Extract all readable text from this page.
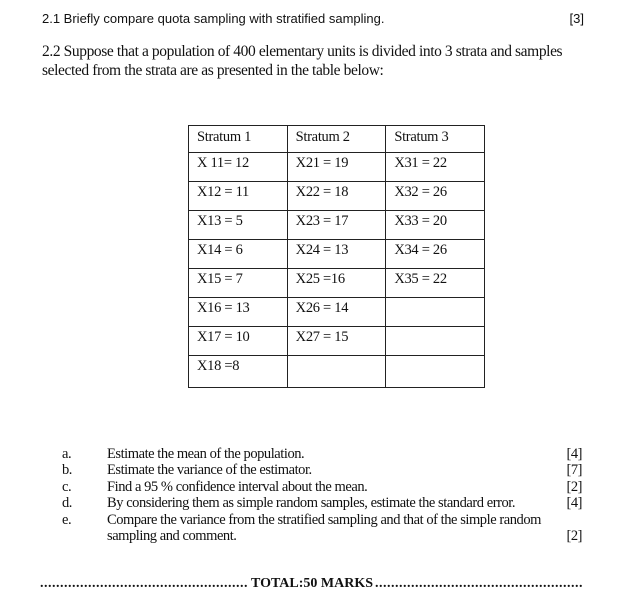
2.1 Briefly compare quota sampling with stratified sampling.	[3]
2.2 Suppose that a population of 400 elementary units is divided into 3 strata and samples selected from the strata are as presented in the table below:
Stratum 1	Stratum 2	Stratum 3
X 11= 12	X21 = 19	X31 = 22
X12 = 11	X22 = 18	X32 = 26
X13 = 5	X23 = 17	X33 = 20
X14 = 6	X24 = 13	X34 = 26
X15 = 7	X25 =16	X35 = 22
X16 = 13	X26 = 14	
X17 = 10	X27 = 15	
X18 =8		
a. Estimate the mean of the population.	[4]
b. Estimate the variance of the estimator.	[7]
c. Find a 95 % confidence interval about the mean.	[2]
d. By considering them as simple random samples, estimate the standard error.	[4]
e. Compare the variance from the stratified sampling and that of the simple random
sampling and comment.	[2]
.....
TOTAL:50 MARKS
.....
